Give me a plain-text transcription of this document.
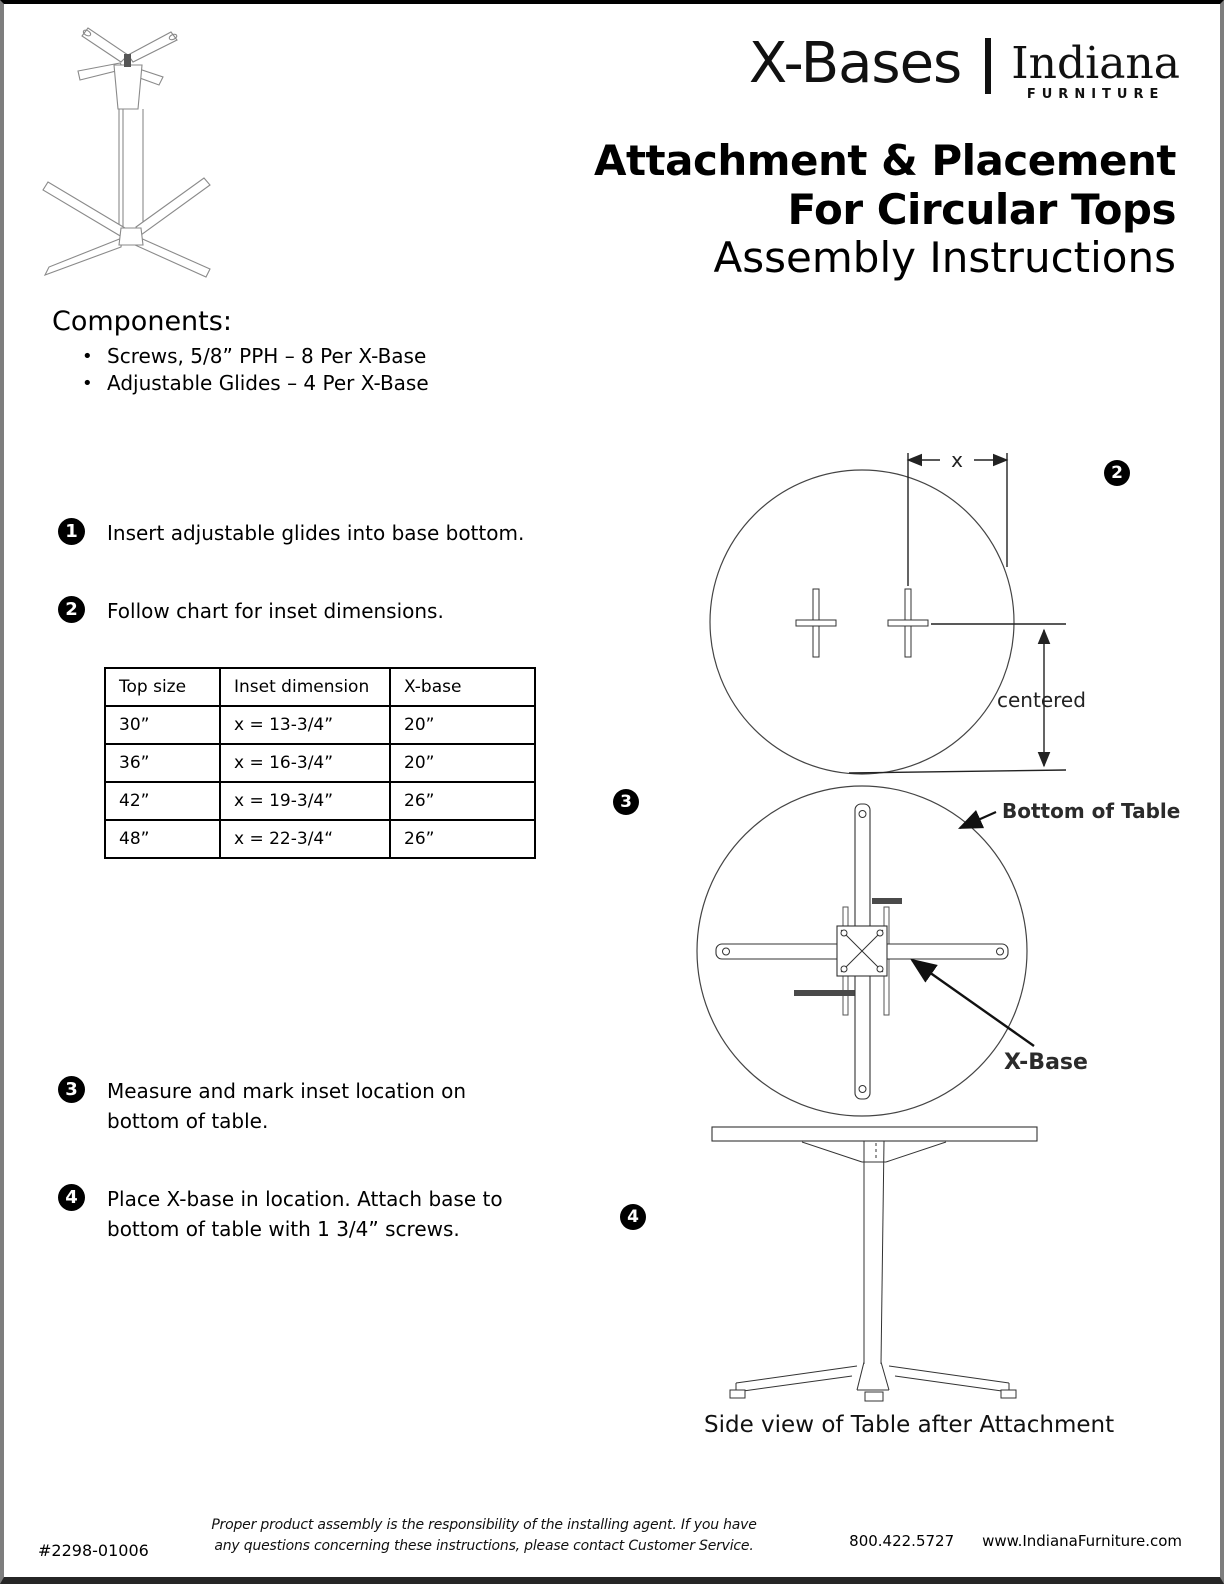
X-Bases Indiana
FURNITURE
Attachment & Placement
For Circular Tops
Assembly Instructions
Components:
• Screws, 5/8” PPH – 8 Per X-Base
• Adjustable Glides – 4 Per X-Base
1	Insert adjustable glides into base bottom.
2	Follow chart for inset dimensions.
3	Measure and mark inset location on bottom of table.
4	Place X-base in location. Attach base to bottom of table with 1 3/4” screws.
Top size	Inset dimension	X-base
30”	x = 13-3/4”	20”
36”	x = 16-3/4”	20”
42”	x = 19-3/4”	26”
48”	x = 22-3/4“	26”
2
3
4
x
centered
Bottom of Table
X-Base
Side view of Table after Attachment
#2298-01006
Proper product assembly is the responsibility of the installing agent. If you have
any questions concerning these instructions, please contact Customer Service.	800.422.5727 www.IndianaFurniture.com
